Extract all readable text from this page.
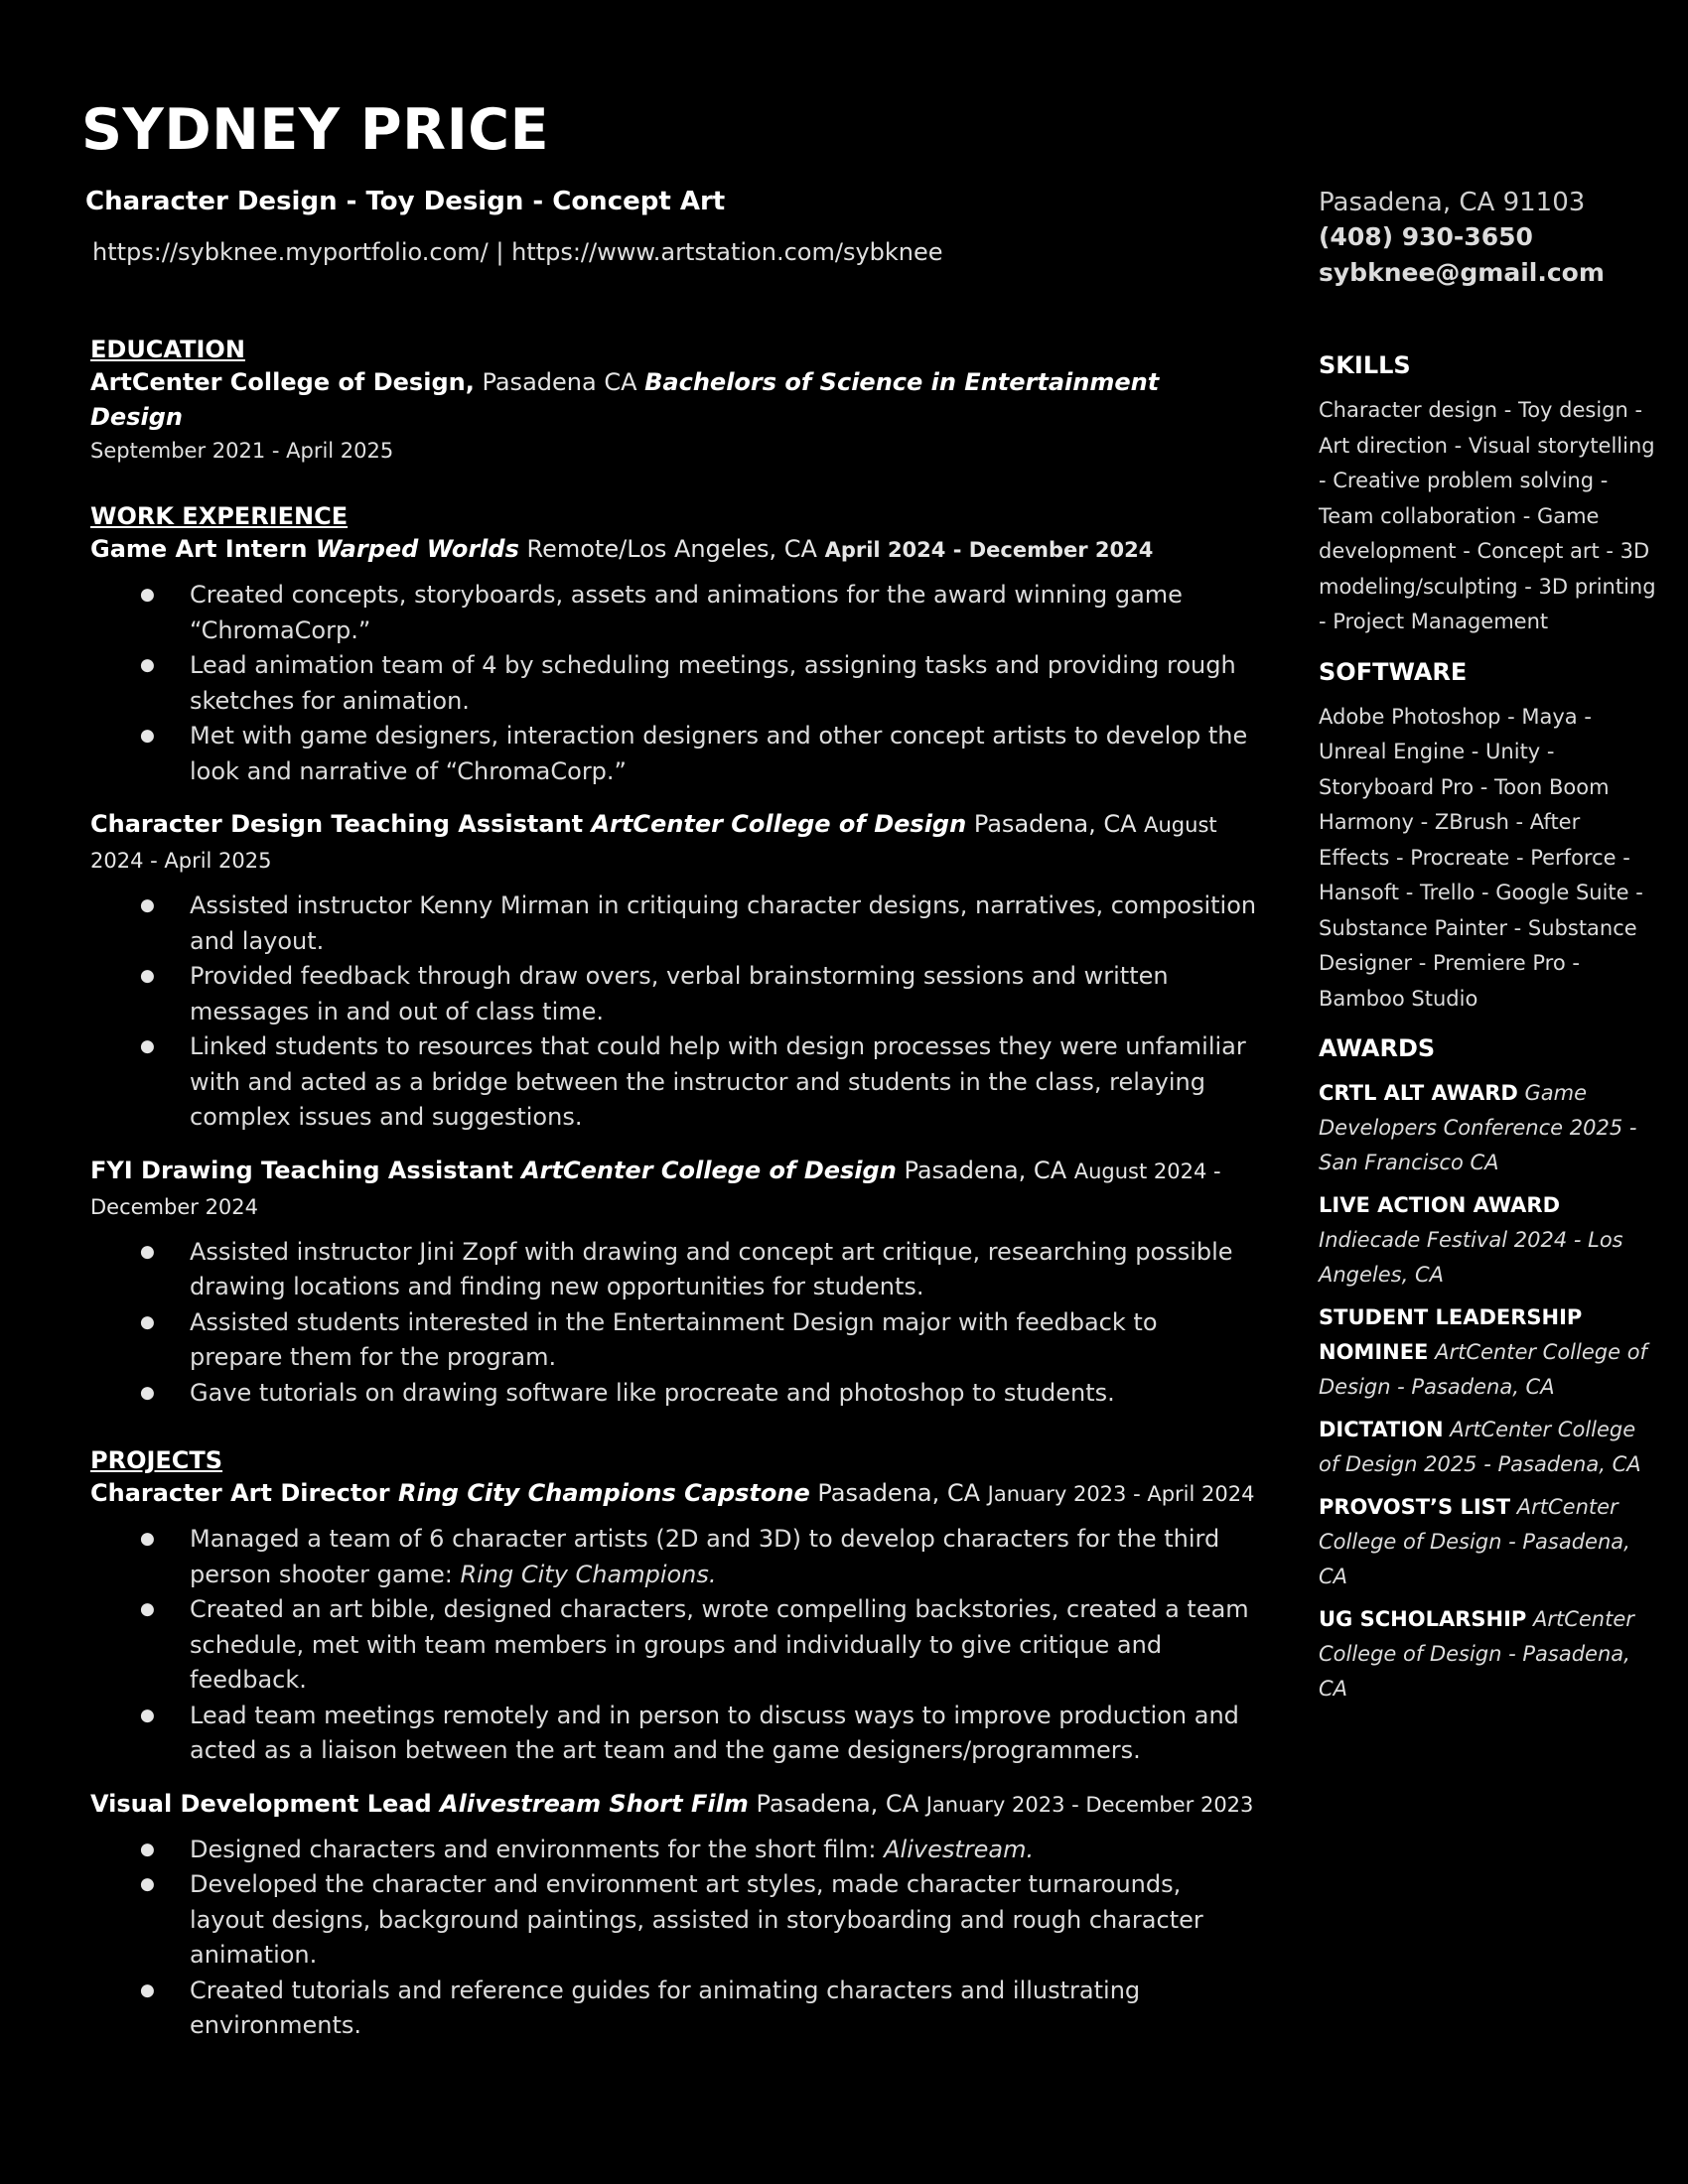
SYDNEY PRICE
Character Design - Toy Design - Concept Art
https://sybknee.myportfolio.com/ | https://www.artstation.com/sybknee
Pasadena, CA 91103
(408) 930-3650
sybknee@gmail.com
EDUCATION
ArtCenter College of Design, Pasadena CA Bachelors of Science in Entertainment Design
September 2021 - April 2025
WORK EXPERIENCE
Game Art Intern Warped Worlds Remote/Los Angeles, CA April 2024 - December 2024
● Created concepts, storyboards, assets and animations for the award winning game “ChromaCorp.”
● Lead animation team of 4 by scheduling meetings, assigning tasks and providing rough sketches for animation.
● Met with game designers, interaction designers and other concept artists to develop the look and narrative of “ChromaCorp.”
Character Design Teaching Assistant ArtCenter College of Design Pasadena, CA August 2024 - April 2025
● Assisted instructor Kenny Mirman in critiquing character designs, narratives, composition and layout.
● Provided feedback through draw overs, verbal brainstorming sessions and written messages in and out of class time.
● Linked students to resources that could help with design processes they were unfamiliar with and acted as a bridge between the instructor and students in the class, relaying complex issues and suggestions.
FYI Drawing Teaching Assistant ArtCenter College of Design Pasadena, CA August 2024 - December 2024
● Assisted instructor Jini Zopf with drawing and concept art critique, researching possible drawing locations and finding new opportunities for students.
● Assisted students interested in the Entertainment Design major with feedback to prepare them for the program.
● Gave tutorials on drawing software like procreate and photoshop to students.
PROJECTS
Character Art Director Ring City Champions Capstone Pasadena, CA January 2023 - April 2024
● Managed a team of 6 character artists (2D and 3D) to develop characters for the third person shooter game: Ring City Champions.
● Created an art bible, designed characters, wrote compelling backstories, created a team schedule, met with team members in groups and individually to give critique and feedback.
● Lead team meetings remotely and in person to discuss ways to improve production and acted as a liaison between the art team and the game designers/programmers.
Visual Development Lead Alivestream Short Film Pasadena, CA January 2023 - December 2023
● Designed characters and environments for the short film: Alivestream.
● Developed the character and environment art styles, made character turnarounds, layout designs, background paintings, assisted in storyboarding and rough character animation.
● Created tutorials and reference guides for animating characters and illustrating environments.
SKILLS
Character design - Toy design - Art direction - Visual storytelling - Creative problem solving - Team collaboration - Game development - Concept art - 3D modeling/sculpting - 3D printing - Project Management
SOFTWARE
Adobe Photoshop - Maya - Unreal Engine - Unity - Storyboard Pro - Toon Boom Harmony - ZBrush - After Effects - Procreate - Perforce - Hansoft - Trello - Google Suite - Substance Painter - Substance Designer - Premiere Pro - Bamboo Studio
AWARDS
CRTL ALT AWARD Game Developers Conference 2025 - San Francisco CA
LIVE ACTION AWARD Indiecade Festival 2024 - Los Angeles, CA
STUDENT LEADERSHIP NOMINEE ArtCenter College of Design - Pasadena, CA
DICTATION ArtCenter College of Design 2025 - Pasadena, CA
PROVOST’S LIST ArtCenter College of Design - Pasadena, CA
UG SCHOLARSHIP ArtCenter College of Design - Pasadena, CA
